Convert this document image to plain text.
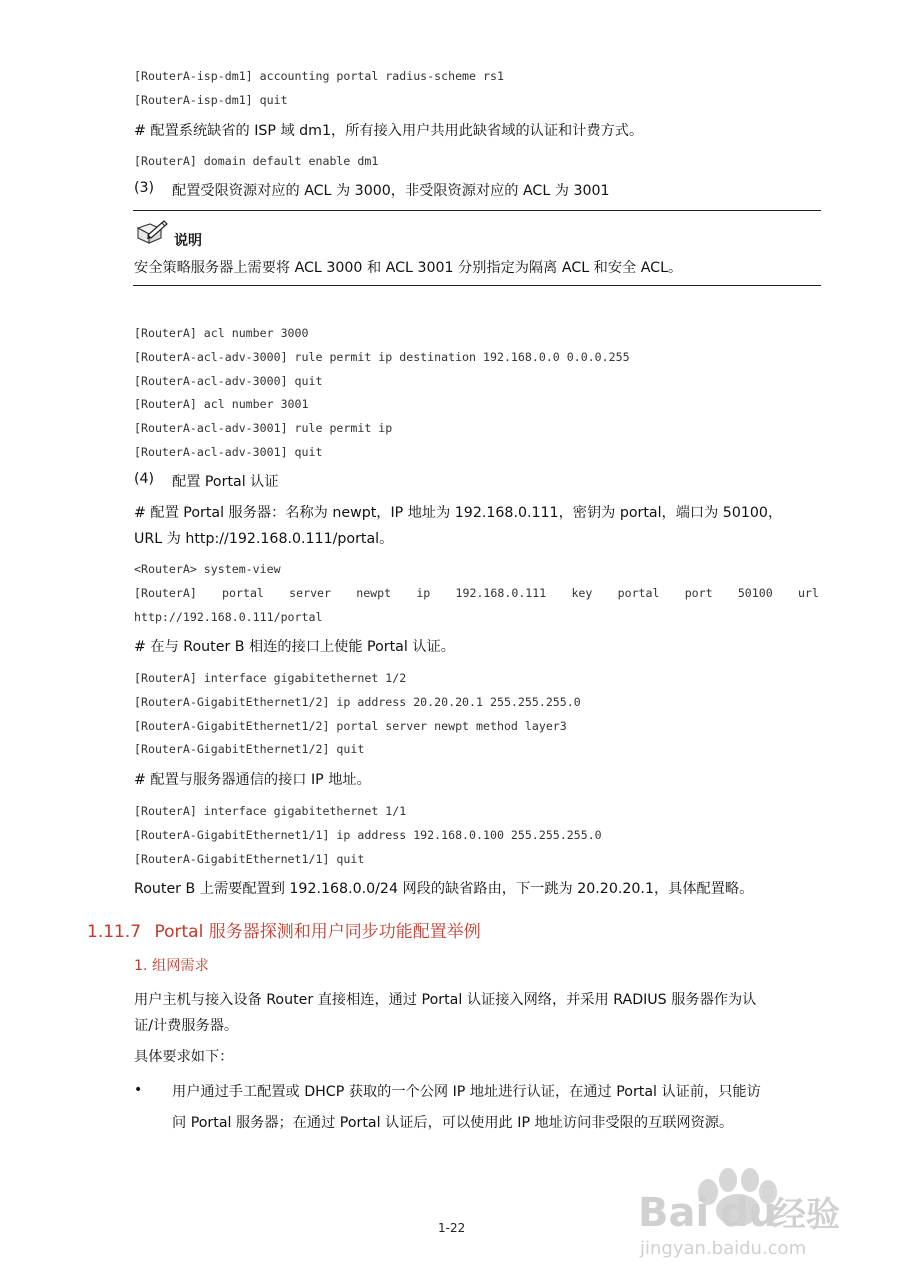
[RouterA-isp-dm1] accounting portal radius-scheme rs1
[RouterA-isp-dm1] quit
# 配置系统缺省的 ISP 域 dm1，所有接入用户共用此缺省域的认证和计费方式。
[RouterA] domain default enable dm1
(3) 配置受限资源对应的 ACL 为 3000，非受限资源对应的 ACL 为 3001
说明
安全策略服务器上需要将 ACL 3000 和 ACL 3001 分别指定为隔离 ACL 和安全 ACL。
[RouterA] acl number 3000
[RouterA-acl-adv-3000] rule permit ip destination 192.168.0.0 0.0.0.255
[RouterA-acl-adv-3000] quit
[RouterA] acl number 3001
[RouterA-acl-adv-3001] rule permit ip
[RouterA-acl-adv-3001] quit
(4) 配置 Portal 认证
# 配置 Portal 服务器：名称为 newpt，IP 地址为 192.168.0.111，密钥为 portal，端口为 50100，
URL 为 http://192.168.0.111/portal。
<RouterA> system-view
[RouterA] portal server newpt ip 192.168.0.111 key portal port 50100 url
http://192.168.0.111/portal
# 在与 Router B 相连的接口上使能 Portal 认证。
[RouterA] interface gigabitethernet 1/2
[RouterA-GigabitEthernet1/2] ip address 20.20.20.1 255.255.255.0
[RouterA-GigabitEthernet1/2] portal server newpt method layer3
[RouterA-GigabitEthernet1/2] quit
# 配置与服务器通信的接口 IP 地址。
[RouterA] interface gigabitethernet 1/1
[RouterA-GigabitEthernet1/1] ip address 192.168.0.100 255.255.255.0
[RouterA-GigabitEthernet1/1] quit
Router B 上需要配置到 192.168.0.0/24 网段的缺省路由，下一跳为 20.20.20.1，具体配置略。
1.11.7 Portal 服务器探测和用户同步功能配置举例
1. 组网需求
用户主机与接入设备 Router 直接相连，通过 Portal 认证接入网络，并采用 RADIUS 服务器作为认
证/计费服务器。
具体要求如下：
• 用户通过手工配置或 DHCP 获取的一个公网 IP 地址进行认证，在通过 Portal 认证前，只能访
问 Portal 服务器；在通过 Portal 认证后，可以使用此 IP 地址访问非受限的互联网资源。
1-22	Bai du
经验
jingyan.baidu.com
